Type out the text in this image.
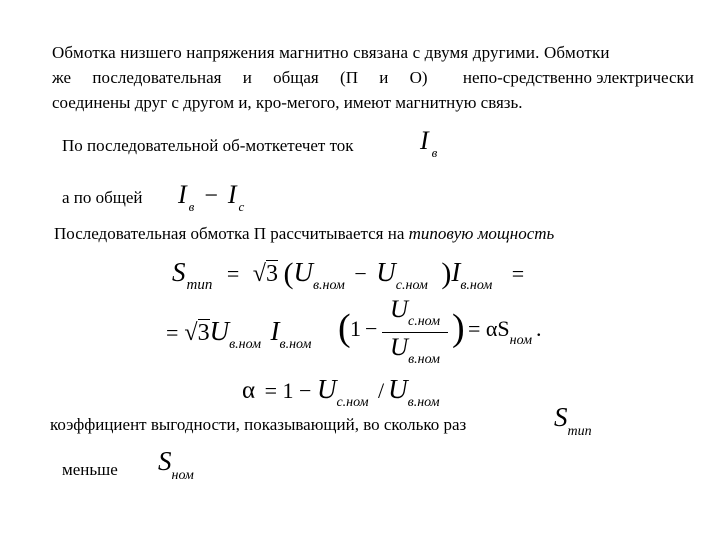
Обмотка низшего напряжения магнитно связана с двумя другими. Обмотки
же последовательная и общая (П и О) непо-средственно электрически
соединены друг с другом и, кро-мегого, имеют магнитную связь.
По последовательной об-моткетечет ток	I $_в$
а по общей I $_в$ − I $_с$
Последовательная обмотка П рассчитывается на типовую мощность
$S_{тип} = √3$ ($U_{в.ном} - U_{с.ном}$ )$I_{в.ном}$ =
= $√3U_{в.ном}$ $I_{в.ном}$ ( 1 −
$U_{с.ном}$
$U_{в.ном}$
) = $\alpha S_{ном}$ .
$\alpha = 1 - U_{с.ном} / U_{в.ном}$
коэффициент выгодности, показывающий, во сколько раз	Sтип
меньше Sном
